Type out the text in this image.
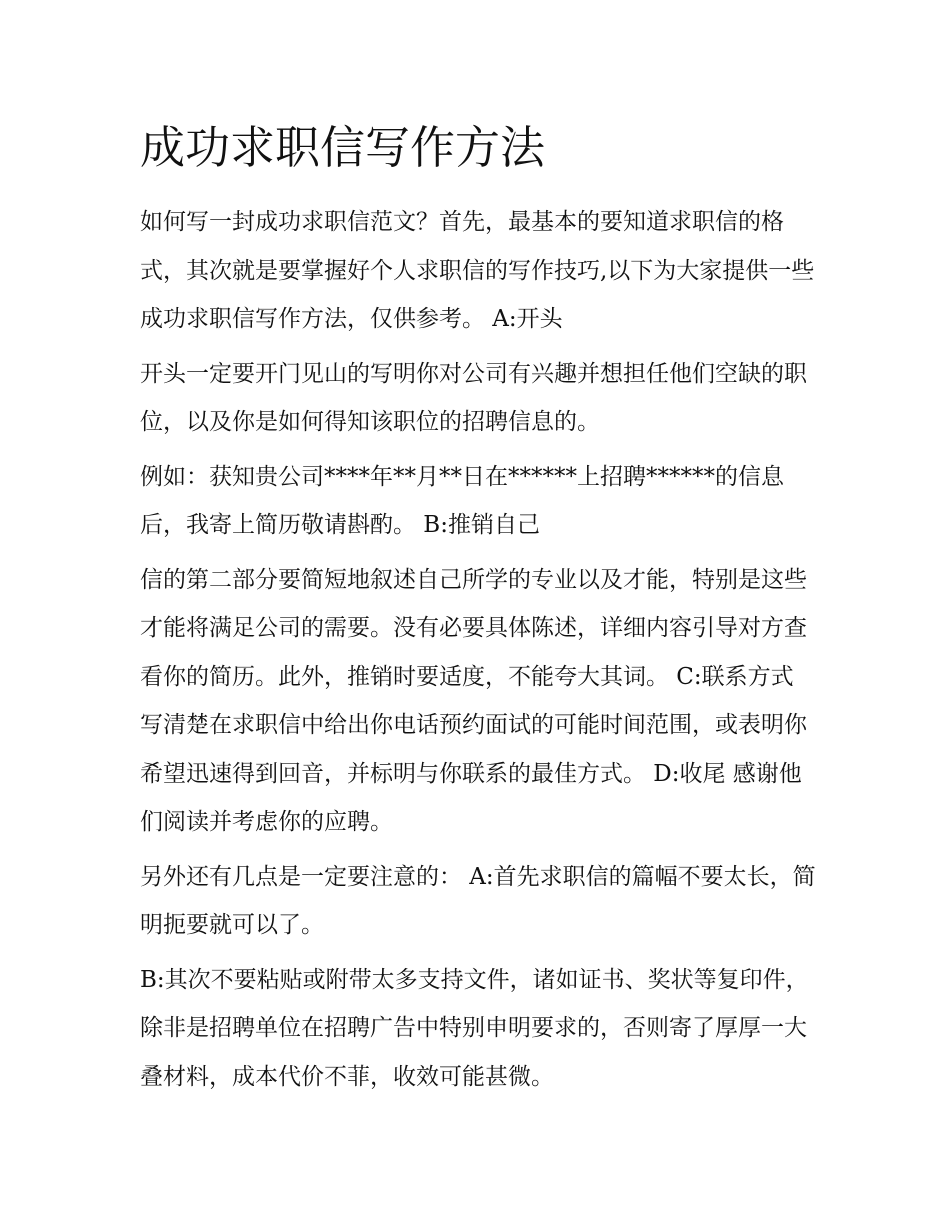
成功求职信写作方法

如何写一封成功求职信范文？首先，最基本的要知道求职信的格式，其次就是要掌握好个人求职信的写作技巧,以下为大家提供一些成功求职信写作方法，仅供参考。 A:开头

开头一定要开门见山的写明你对公司有兴趣并想担任他们空缺的职位，以及你是如何得知该职位的招聘信息的。

例如：获知贵公司****年**月**日在******上招聘******的信息后，我寄上简历敬请斟酌。 B:推销自己

信的第二部分要简短地叙述自己所学的专业以及才能，特别是这些才能将满足公司的需要。没有必要具体陈述，详细内容引导对方查看你的简历。此外，推销时要适度，不能夸大其词。 C:联系方式 写清楚在求职信中给出你电话预约面试的可能时间范围，或表明你希望迅速得到回音，并标明与你联系的最佳方式。 D:收尾 感谢他们阅读并考虑你的应聘。

另外还有几点是一定要注意的： A:首先求职信的篇幅不要太长，简明扼要就可以了。

B:其次不要粘贴或附带太多支持文件，诸如证书、奖状等复印件，除非是招聘单位在招聘广告中特别申明要求的，否则寄了厚厚一大叠材料，成本代价不菲，收效可能甚微。
